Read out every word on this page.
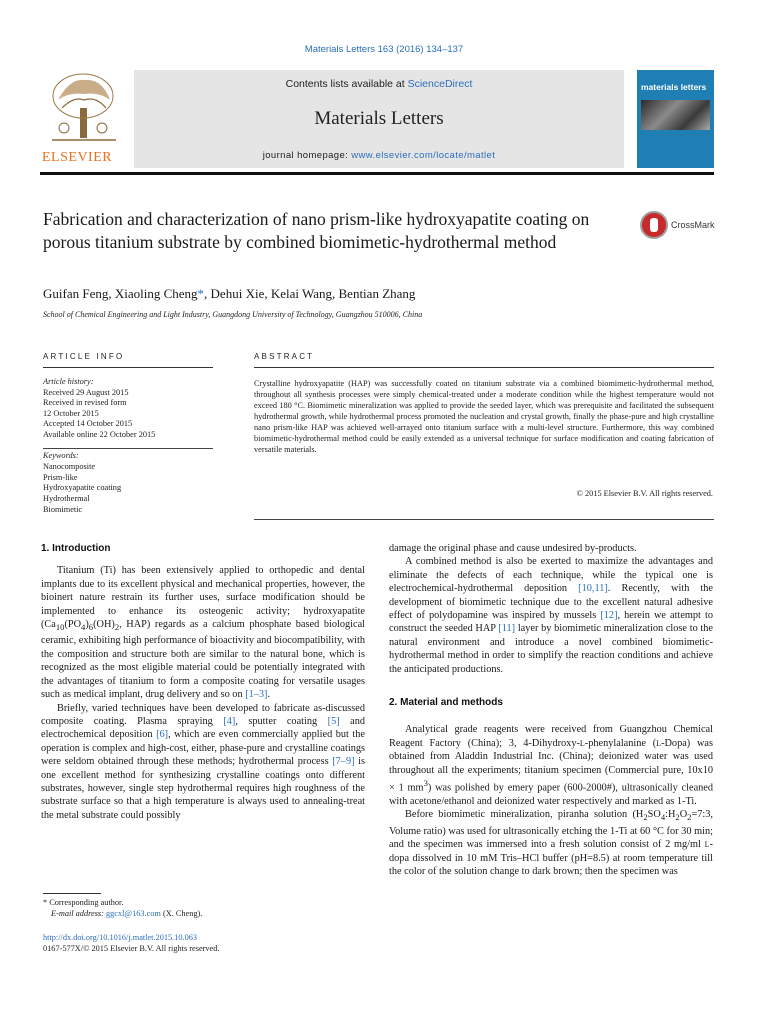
Materials Letters 163 (2016) 134–137
ELSEVIER
Contents lists available at ScienceDirect
Materials Letters
journal homepage: www.elsevier.com/locate/matlet
materials letters
Fabrication and characterization of nano prism-like hydroxyapatite coating on porous titanium substrate by combined biomimetic-hydrothermal method
CrossMark
Guifan Feng, Xiaoling Cheng*, Dehui Xie, Kelai Wang, Bentian Zhang
School of Chemical Engineering and Light Industry, Guangdong University of Technology, Guangzhou 510006, China
ARTICLE INFO	ABSTRACT
Article history:
Received 29 August 2015
Received in revised form
12 October 2015
Accepted 14 October 2015
Available online 22 October 2015
Keywords:
Nanocomposite
Prism-like
Hydroxyapatite coating
Hydrothermal
Biomimetic
Crystalline hydroxyapatite (HAP) was successfully coated on titanium substrate via a combined biomimetic-hydrothermal method, throughout all synthesis processes were simply chemical-treated under a moderate condition while the highest temperature would not exceed 180 °C. Biomimetic mineralization was applied to provide the seeded layer, which was prerequisite and facilitated the subsequent hydrothermal growth, while hydrothermal process promoted the nucleation and crystal growth, finally the phase-pure and high crystalline nano prism-like HAP was achieved well-arrayed onto titanium surface with a multi-level structure. Furthermore, this way combined biomimetic-hydrothermal method could be easily extended as a universal technique for surface modification and coating fabrication of versatile materials.
© 2015 Elsevier B.V. All rights reserved.
1. Introduction

Titanium (Ti) has been extensively applied to orthopedic and dental implants due to its excellent physical and mechanical properties, however, the bioinert nature restrain its further uses, surface modification should be implemented to enhance its osteogenic activity; hydroxyapatite ($Ca_{10}(PO_4)_6(OH)_2$, HAP) regards as a calcium phosphate based biological ceramic, exhibiting high performance of bioactivity and biocompatibility, with the composition and structure both are similar to the natural bone, which is recognized as the most eligible material could be potentially integrated with the advantages of titanium to form a composite coating for versatile usages such as medical implant, drug delivery and so on [1–3].

Briefly, varied techniques have been developed to fabricate as-discussed composite coating. Plasma spraying [4], sputter coating [5] and electrochemical deposition [6], which are even commercially applied but the operation is complex and high-cost, either, phase-pure and crystalline coatings were seldom obtained through these methods; hydrothermal process [7–9] is one excellent method for synthesizing crystalline coatings onto different substrates, however, single step hydrothermal requires high roughness of the substrate surface so that a high temperature is always used to annealing-treat the metal substrate could possibly

damage the original phase and cause undesired by-products.

A combined method is also be exerted to maximize the advantages and eliminate the defects of each technique, while the typical one is electrochemical-hydrothermal deposition [10,11]. Recently, with the development of biomimetic technique due to the excellent natural adhesive effect of polydopamine was inspired by mussels [12], herein we attempt to construct the seeded HAP [11] layer by biomimetic mineralization close to the natural environment and introduce a novel combined biomimetic-hydrothermal method in order to simplify the reaction conditions and achieve the anticipated productions.

2. Material and methods

Analytical grade reagents were received from Guangzhou Chemical Reagent Factory (China); 3, 4-Dihydroxy-L-phenylalanine (L-Dopa) was obtained from Aladdin Industrial Inc. (China); deionized water was used throughout all the experiments; titanium specimen (Commercial pure, 10x10 × 1 $mm^3$) was polished by emery paper (600-2000#), ultrasonically cleaned with acetone/ethanol and deionized water respectively and marked as 1-Ti.

Before biomimetic mineralization, piranha solution ($H_2SO_4:H_2O_2=7:3$, Volume ratio) was used for ultrasonically etching the 1-Ti at 60 °C for 30 min; and the specimen was immersed into a fresh solution consist of 2 mg/ml L-dopa dissolved in 10 mM Tris–HCl buffer (pH=8.5) at room temperature till the color of the solution change to dark brown; then the specimen was

* Corresponding author.
E-mail address: ggcxl@163.com (X. Cheng).
http://dx.doi.org/10.1016/j.matlet.2015.10.063
0167-577X/© 2015 Elsevier B.V. All rights reserved.
